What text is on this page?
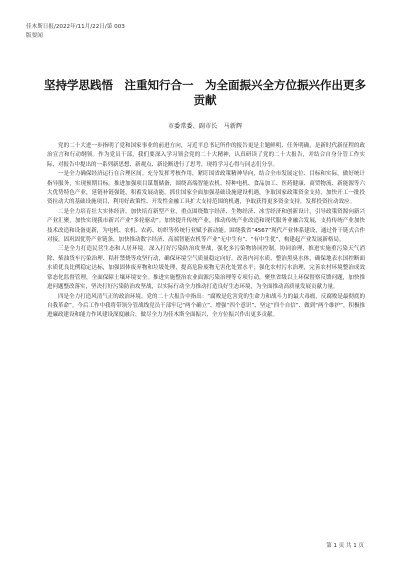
佳木斯日报/2022年/11月/22日/第 003
版要闻
坚持学思践悟　注重知行合一　为全面振兴全方位振兴作出更多贡献
市委常委、副市长　马新辉

党的二十大进一步指明了党和国家事业的前进方向，习近平总书记所作的报告更是主题鲜明、任务明确，是新时代新征程的政治宣言和行动纲领。作为党员干部，我们要深入学习领会党的二十大精神，认真研读了党的二十大报告，并结合自身分管工作实际，对报告中提出的一系列新思想、新观点、新论断进行了思考，现将学习心得与同志们分享。

一是全力确保经济运行在合理区间。充分发挥考核作用，紧盯国省政策精神导向，结合全市发展定位、目标和实际，做好统计指导服务，实现预期目标。推进加强项目谋划储备，围绕高端智能农机、特种电机、食品加工、医药健康、商贸物流、新能源等六大优势特色产业，延链补链强链，积蓄发展动能。抓住国家全面加强基础设施建设机遇，争取国家政策资金支持，加快开工一批投资拉动大的基础设施项目，利用好政策性、开发性金融工具扩大支持范围的机遇，争取获得更多资金支持，发挥投资拉动效应。

二是全力培育壮大实体经济。加快培育新型产业，重点围绕数字经济、生物经济、冰雪经济和创新设计，引导政策资源向新兴产业汇聚，加快实现我市新兴产业“多轮驱动”。加快提升传统产业，推动传统产业改造和现代服务业融合发展，支持传统产业加快技术改造和设备更新，为电机、农机、农药、纺织等传统行业赋予新动能。围绕我省“4567”现代产业体系建设，通过骨干链式合作对接，固巩固优势产业链条，加快推动数字经济、高端智能农机等产业“无中生有”、“有中生优”，构建起产业发展新格局。

三是全力打造民营生态和人居环境。深入打好污染防治攻坚战，强化多污染物协同控制，协同治理，推进实施重污染天气消除、柴油货车污染治理、秸秆禁烧等攻坚行动，确保环境空气质量稳定向好。改善内河水质、整治黑臭水体，确保地表水国控断面水质优良比例稳定达标，加强固体废弃物和垃圾处理，提高危险废物无害化处置水平；强化农村污水治理，完善农村环境整治成效常态化监督管理，全面保障土壤环境安全。推进实施整治农业面源污染治理等专项行动，聚焦省级以上环保督察反馈问题，加快推进问题整改落实，坚决打好污染防治攻坚战，以实际行动全力推动打造良好生态环境，为全面推动高质量发展贡献力量。

四是全力打造风清气正的政治环境。党的二十大报告中指出：“腐败是危害党的生命力和战斗力的最大毒瘤，反腐败是最彻底的自我革命”。今后工作中我将带领分管战线党员干部牢记“两个确立”、增强“四个意识”、坚定“四个自信”、做到“两个维护”，积极推进廉政建设和能力作风建设深度融合，做尽全力为佳木斯全面振兴、全方位振兴作出更多贡献。

第 1 页 共 1 页
